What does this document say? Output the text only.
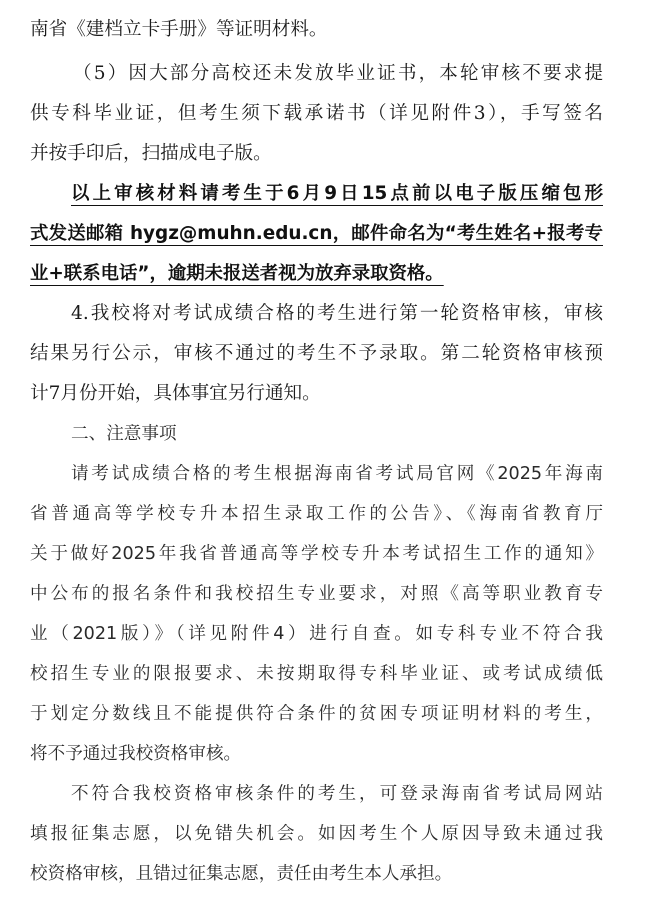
南省《建档立卡手册》等证明材料。
（5）因大部分高校还未发放毕业证书，本轮审核不要求提
供专科毕业证，但考生须下载承诺书（详见附件3），手写签名
并按手印后，扫描成电子版。
以上审核材料请考生于6月9日15点前以电子版压缩包形
式发送邮箱 hygz@muhn.edu.cn，邮件命名为“考生姓名+报考专
业+联系电话”，逾期未报送者视为放弃录取资格。
4.我校将对考试成绩合格的考生进行第一轮资格审核，审核
结果另行公示，审核不通过的考生不予录取。第二轮资格审核预
计7月份开始，具体事宜另行通知。
二、注意事项
请考试成绩合格的考生根据海南省考试局官网《2025年海南
省普通高等学校专升本招生录取工作的公告》、《海南省教育厅
关于做好2025年我省普通高等学校专升本考试招生工作的通知》
中公布的报名条件和我校招生专业要求，对照《高等职业教育专
业（2021版）》（详见附件4）进行自查。如专科专业不符合我
校招生专业的限报要求、未按期取得专科毕业证、或考试成绩低
于划定分数线且不能提供符合条件的贫困专项证明材料的考生，
将不予通过我校资格审核。
不符合我校资格审核条件的考生，可登录海南省考试局网站
填报征集志愿，以免错失机会。如因考生个人原因导致未通过我
校资格审核，且错过征集志愿，责任由考生本人承担。
